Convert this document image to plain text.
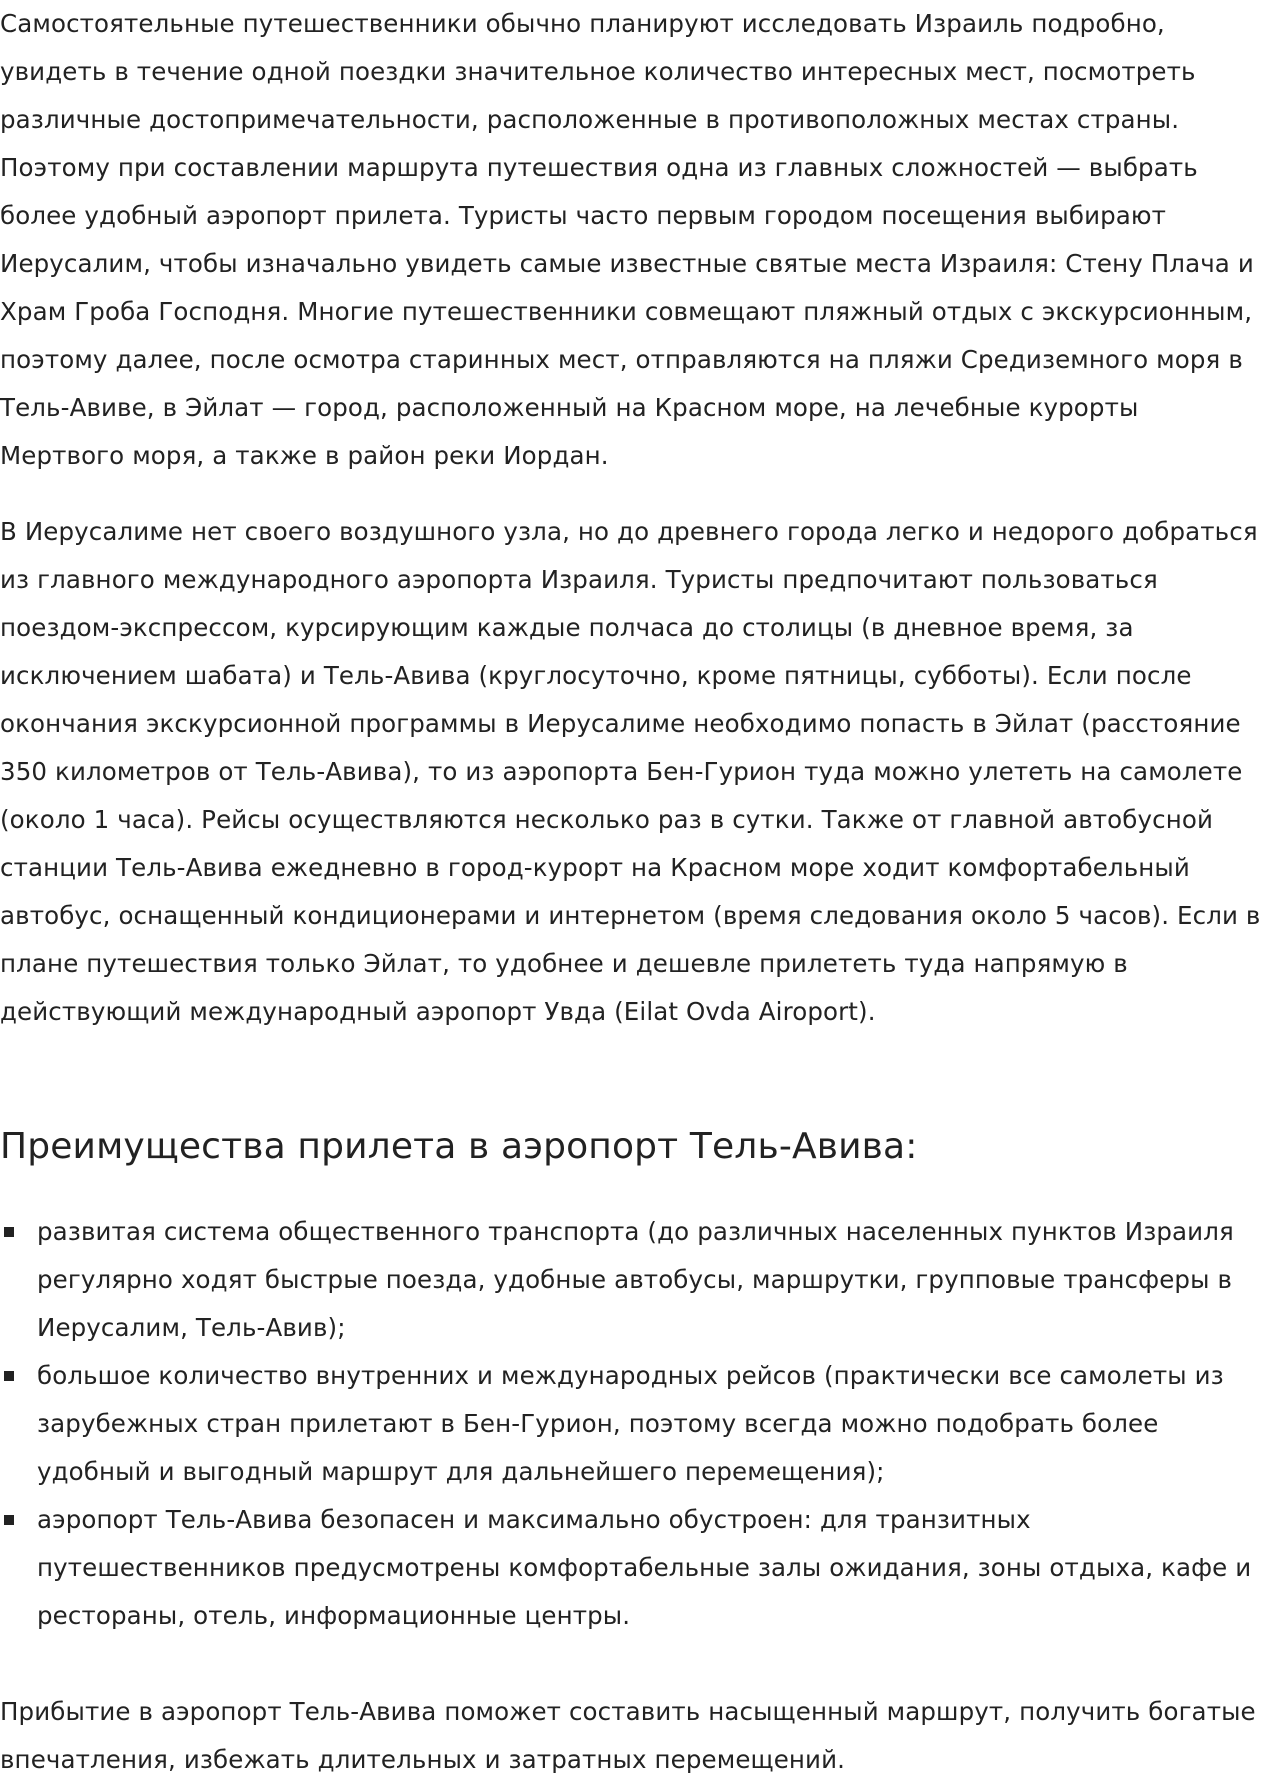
Самостоятельные путешественники обычно планируют исследовать Израиль подробно, увидеть в течение одной поездки значительное количество интересных мест, посмотреть различные достопримечательности, расположенные в противоположных местах страны. Поэтому при составлении маршрута путешествия одна из главных сложностей — выбрать более удобный аэропорт прилета. Туристы часто первым городом посещения выбирают Иерусалим, чтобы изначально увидеть самые известные святые места Израиля: Стену Плача и Храм Гроба Господня. Многие путешественники совмещают пляжный отдых с экскурсионным, поэтому далее, после осмотра старинных мест, отправляются на пляжи Средиземного моря в Тель-Авиве, в Эйлат — город, расположенный на Красном море, на лечебные курорты Мертвого моря, а также в район реки Иордан.

В Иерусалиме нет своего воздушного узла, но до древнего города легко и недорого добраться из главного международного аэропорта Израиля. Туристы предпочитают пользоваться поездом-экспрессом, курсирующим каждые полчаса до столицы (в дневное время, за исключением шабата) и Тель-Авива (круглосуточно, кроме пятницы, субботы). Если после окончания экскурсионной программы в Иерусалиме необходимо попасть в Эйлат (расстояние 350 километров от Тель-Авива), то из аэропорта Бен-Гурион туда можно улететь на самолете (около 1 часа). Рейсы осуществляются несколько раз в сутки. Также от главной автобусной станции Тель-Авива ежедневно в город-курорт на Красном море ходит комфортабельный автобус, оснащенный кондиционерами и интернетом (время следования около 5 часов). Если в плане путешествия только Эйлат, то удобнее и дешевле прилететь туда напрямую в действующий международный аэропорт Увда (Eilat Ovda Airoport).

Преимущества прилета в аэропорт Тель-Авива:
развитая система общественного транспорта (до различных населенных пунктов Израиля регулярно ходят быстрые поезда, удобные автобусы, маршрутки, групповые трансферы в Иерусалим, Тель-Авив);
большое количество внутренних и международных рейсов (практически все самолеты из зарубежных стран прилетают в Бен-Гурион, поэтому всегда можно подобрать более удобный и выгодный маршрут для дальнейшего перемещения);
аэропорт Тель-Авива безопасен и максимально обустроен: для транзитных путешественников предусмотрены комфортабельные залы ожидания, зоны отдыха, кафе и рестораны, отель, информационные центры.

Прибытие в аэропорт Тель-Авива поможет составить насыщенный маршрут, получить богатые впечатления, избежать длительных и затратных перемещений.
